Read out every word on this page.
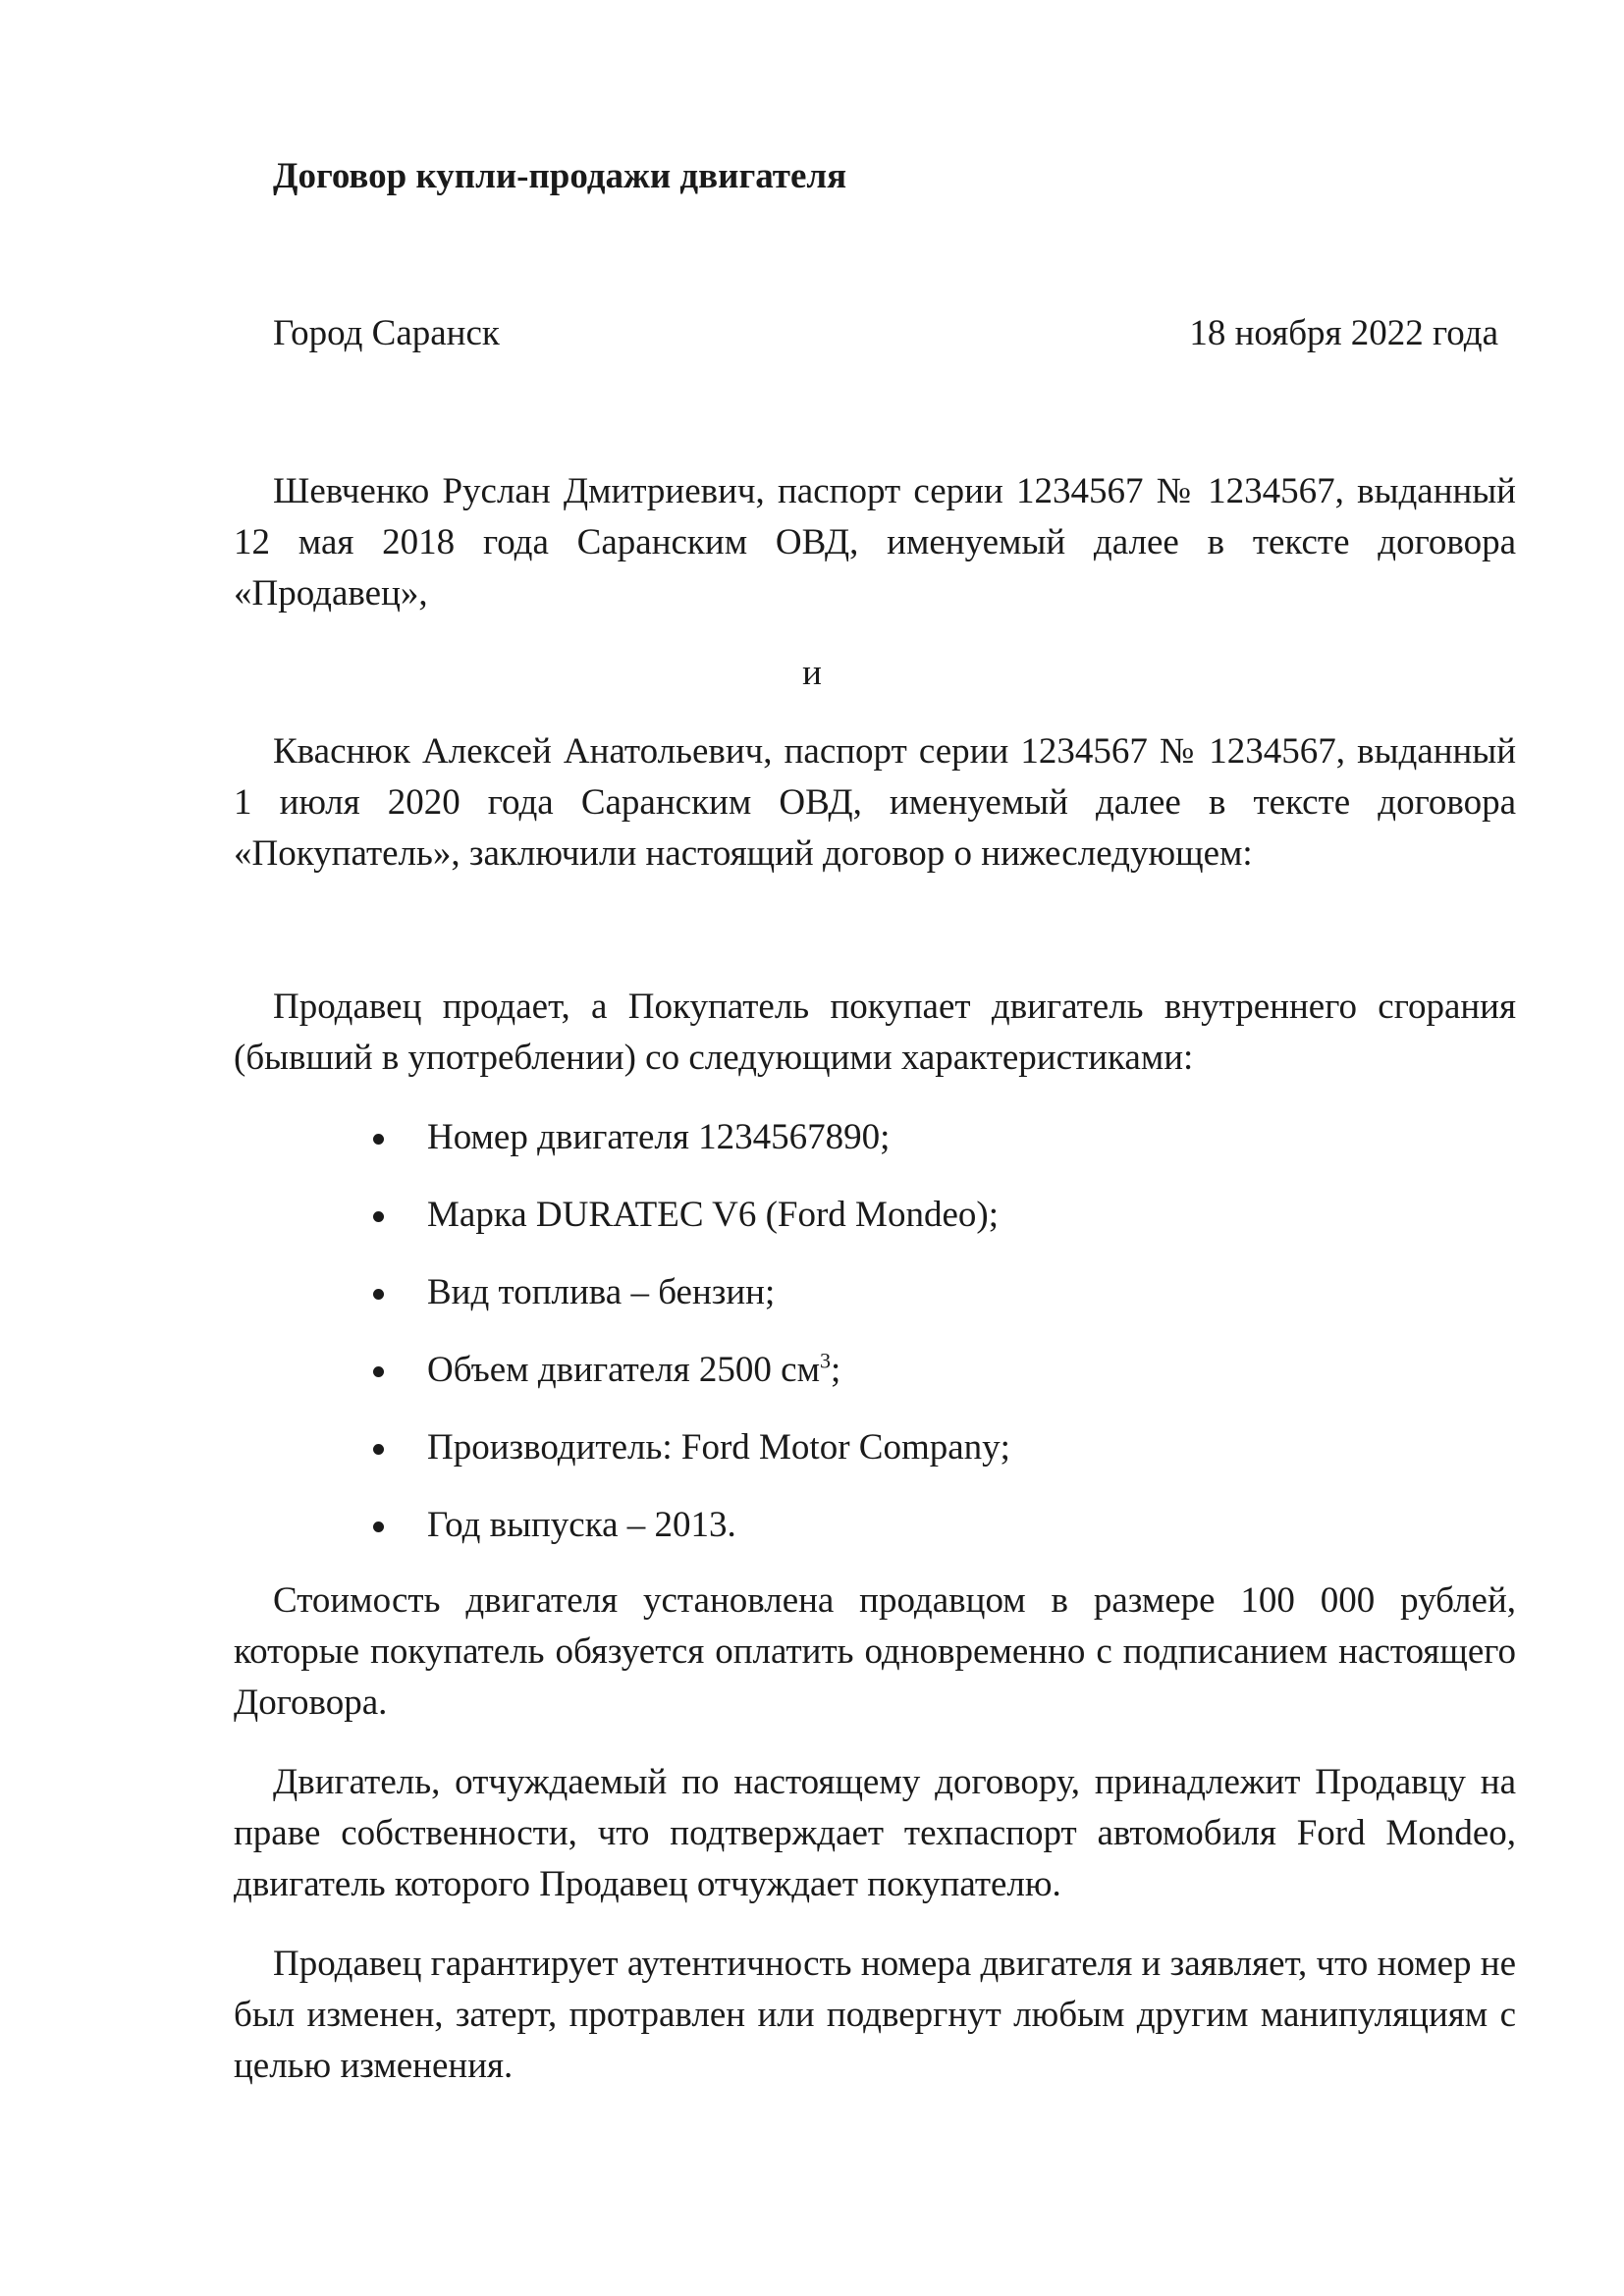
Договор купли-продажи двигателя
Город Саранск	18 ноября 2022 года

Шевченко Руслан Дмитриевич, паспорт серии 1234567 № 1234567, выданный 12 мая 2018 года Саранским ОВД, именуемый далее в тексте договора «Продавец»,

и

Кваснюк Алексей Анатольевич, паспорт серии 1234567 № 1234567, выданный 1 июля 2020 года Саранским ОВД, именуемый далее в тексте договора «Покупатель», заключили настоящий договор о нижеследующем:

Продавец продает, а Покупатель покупает двигатель внутреннего сгорания (бывший в употреблении) со следующими характеристиками:

Номер двигателя 1234567890;
Марка DURATEC V6 (Ford Mondeo);
Вид топлива – бензин;
Объем двигателя 2500 $см^3$;
Производитель: Ford Motor Company;
Год выпуска – 2013.

Стоимость двигателя установлена продавцом в размере 100 000 рублей, которые покупатель обязуется оплатить одновременно с подписанием настоящего Договора.

Двигатель, отчуждаемый по настоящему договору, принадлежит Продавцу на праве собственности, что подтверждает техпаспорт автомобиля Ford Mondeo, двигатель которого Продавец отчуждает покупателю.

Продавец гарантирует аутентичность номера двигателя и заявляет, что номер не был изменен, затерт, протравлен или подвергнут любым другим манипуляциям с целью изменения.
